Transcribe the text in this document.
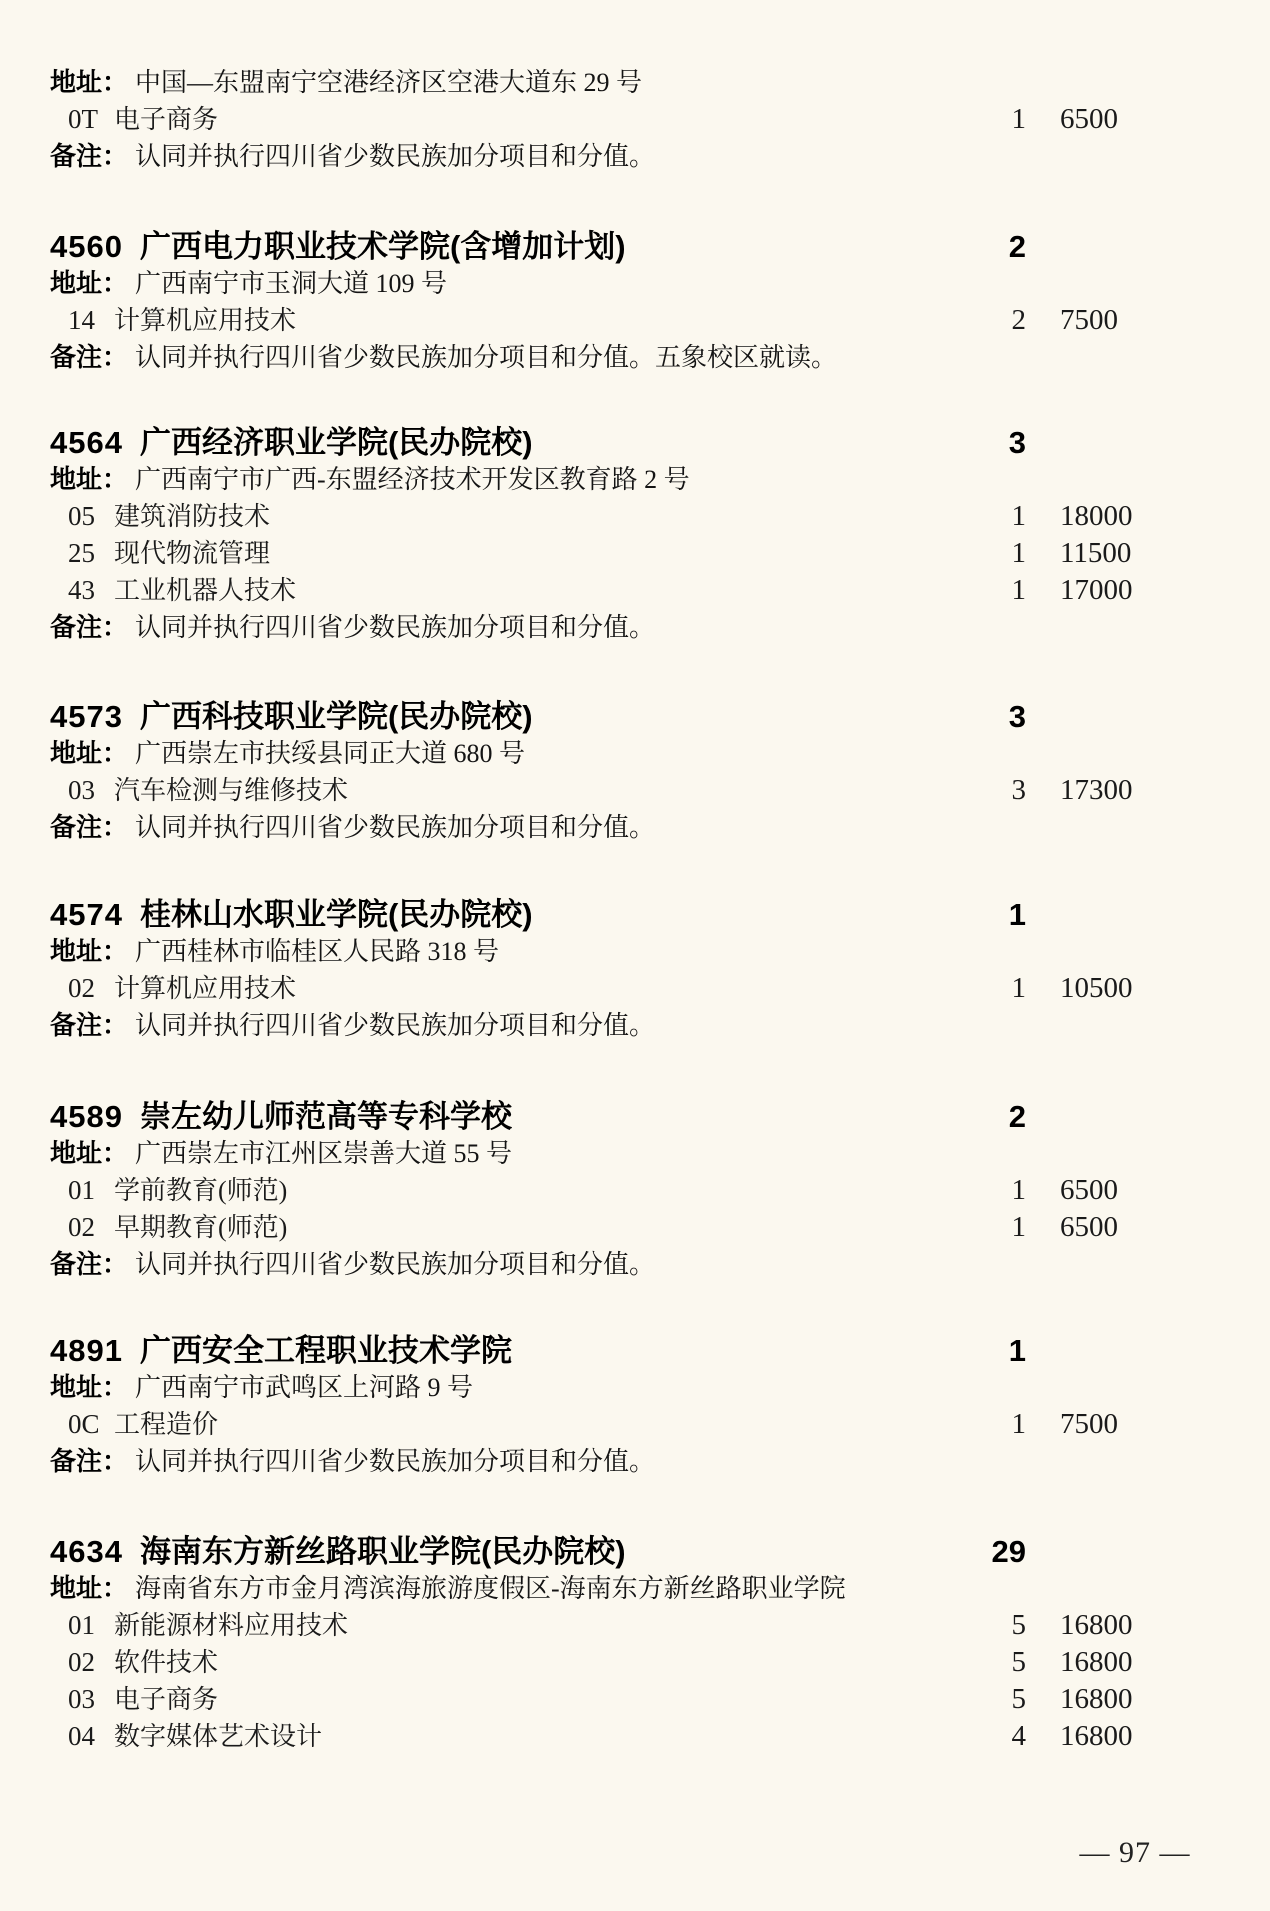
地址： 中国—东盟南宁空港经济区空港大道东 29 号
0T 电子商务	1 6500
备注： 认同并执行四川省少数民族加分项目和分值。
4560 广西电力职业技术学院(含增加计划)	2
地址： 广西南宁市玉洞大道 109 号
14 计算机应用技术	2 7500
备注： 认同并执行四川省少数民族加分项目和分值。五象校区就读。
4564 广西经济职业学院(民办院校)	3
地址： 广西南宁市广西-东盟经济技术开发区教育路 2 号
05 建筑消防技术	1 18000
25 现代物流管理	1 11500
43 工业机器人技术	1 17000
备注： 认同并执行四川省少数民族加分项目和分值。
4573 广西科技职业学院(民办院校)	3
地址： 广西崇左市扶绥县同正大道 680 号
03 汽车检测与维修技术	3 17300
备注： 认同并执行四川省少数民族加分项目和分值。
4574 桂林山水职业学院(民办院校)	1
地址： 广西桂林市临桂区人民路 318 号
02 计算机应用技术	1 10500
备注： 认同并执行四川省少数民族加分项目和分值。
4589 崇左幼儿师范高等专科学校	2
地址： 广西崇左市江州区崇善大道 55 号
01 学前教育(师范)	1 6500
02 早期教育(师范)	1 6500
备注： 认同并执行四川省少数民族加分项目和分值。
4891 广西安全工程职业技术学院	1
地址： 广西南宁市武鸣区上河路 9 号
0C 工程造价	1 7500
备注： 认同并执行四川省少数民族加分项目和分值。
4634 海南东方新丝路职业学院(民办院校)	29
地址： 海南省东方市金月湾滨海旅游度假区-海南东方新丝路职业学院
01 新能源材料应用技术	5 16800
02 软件技术	5 16800
03 电子商务	5 16800
04 数字媒体艺术设计	4 16800
— 97 —
